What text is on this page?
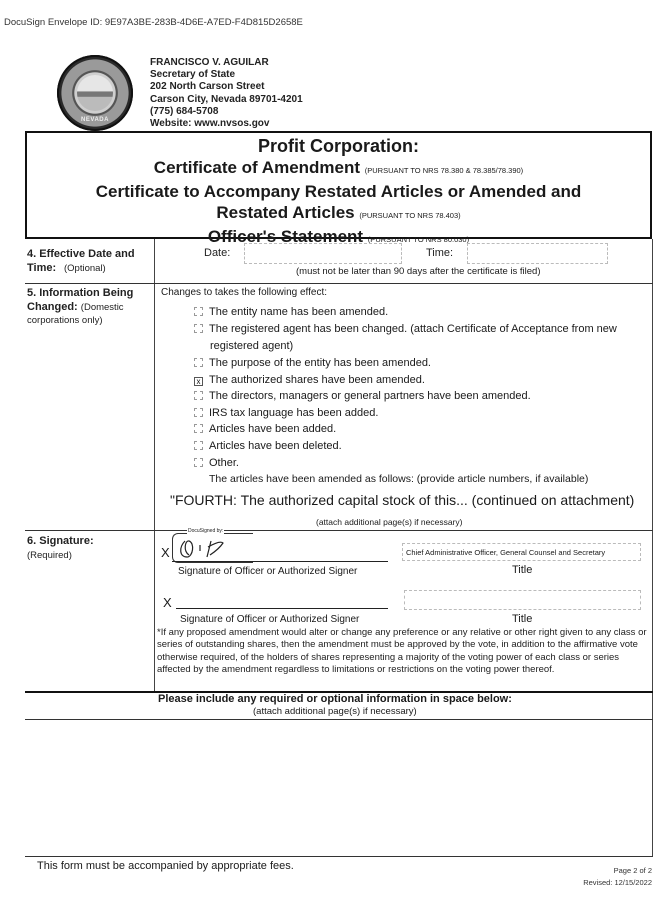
DocuSign Envelope ID: 9E97A3BE-283B-4D6E-A7ED-F4D815D2658E
NEVADA
FRANCISCO V. AGUILAR
Secretary of State
202 North Carson Street
Carson City, Nevada 89701-4201
(775) 684-5708
Website: www.nvsos.gov
Profit Corporation:
Certificate of Amendment (PURSUANT TO NRS 78.380 & 78.385/78.390)
Certificate to Accompany Restated Articles or Amended and
Restated Articles (PURSUANT TO NRS 78.403)
Officer's Statement (PURSUANT TO NRS 80.030)
4. Effective Date and Time: (Optional)
Date:	Time:
(must not be later than 90 days after the certificate is filed)
5. Information Being Changed: (Domestic corporations only)
Changes to takes the following effect:
The entity name has been amended.
The registered agent has been changed. (attach Certificate of Acceptance from new
registered agent)
The purpose of the entity has been amended.
x The authorized shares have been amended.
The directors, managers or general partners have been amended.
IRS tax language has been added.
Articles have been added.
Articles have been deleted.
Other.
The articles have been amended as follows: (provide article numbers, if available)
"FOURTH: The authorized capital stock of this... (continued on attachment)
(attach additional page(s) if necessary)
6. Signature:
(Required)	X
DocuSigned by:
Signature of Officer or Authorized Signer
Chief Administrative Officer, General Counsel and Secretary
Title
X
Signature of Officer or Authorized Signer	Title
*If any proposed amendment would alter or change any preference or any relative or other right given to any class or series of outstanding shares, then the amendment must be approved by the vote, in addition to the affirmative vote otherwise required, of the holders of shares representing a majority of the voting power of each class or series affected by the amendment regardless to limitations or restrictions on the voting power thereof.
Please include any required or optional information in space below:
(attach additional page(s) if necessary)
This form must be accompanied by appropriate fees.	Page 2 of 2
Revised: 12/15/2022
